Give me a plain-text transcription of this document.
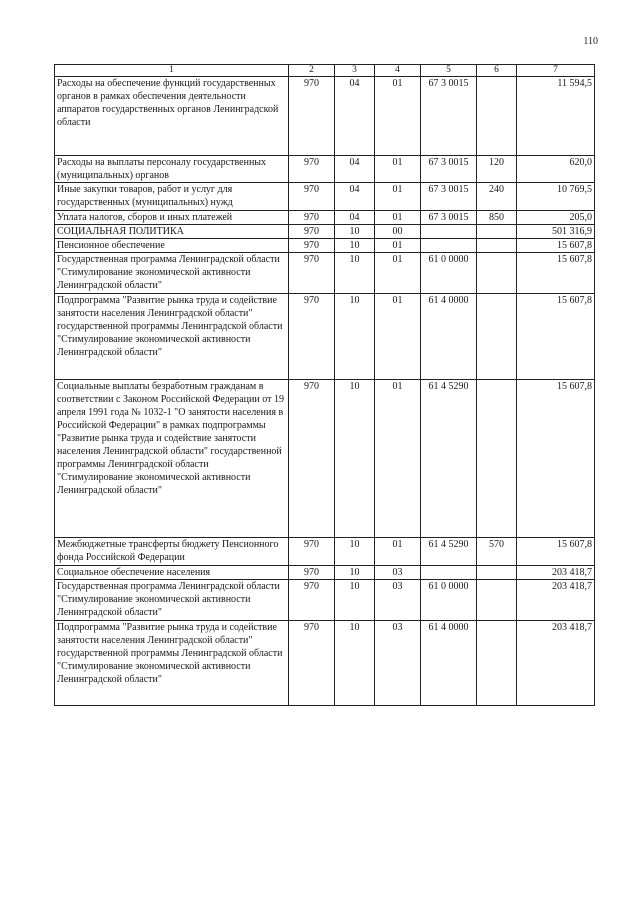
110
1	2	3	4	5	6	7
Расходы на обеспечение функций государственных органов в рамках обеспечения деятельности аппаратов государственных органов Ленинградской области	970	04	01	67 3 0015		11 594,5
Расходы на выплаты персоналу государственных (муниципальных) органов	970	04	01	67 3 0015	120	620,0
Иные закупки товаров, работ и услуг для государственных (муниципальных) нужд	970	04	01	67 3 0015	240	10 769,5
Уплата налогов, сборов и иных платежей	970	04	01	67 3 0015	850	205,0
СОЦИАЛЬНАЯ ПОЛИТИКА	970	10	00			501 316,9
Пенсионное обеспечение	970	10	01			15 607,8
Государственная программа Ленинградской области "Стимулирование экономической активности Ленинградской области"	970	10	01	61 0 0000		15 607,8
Подпрограмма "Развитие рынка труда и содействие занятости населения Ленинградской области" государственной программы Ленинградской области "Стимулирование экономической активности Ленинградской области"	970	10	01	61 4 0000		15 607,8
Социальные выплаты безработным гражданам в соответствии с Законом Российской Федерации от 19 апреля 1991 года № 1032-1 "О занятости населения в Российской Федерации" в рамках подпрограммы "Развитие рынка труда и содействие занятости населения Ленинградской области" государственной программы Ленинградской области "Стимулирование экономической активности Ленинградской области"	970	10	01	61 4 5290		15 607,8
Межбюджетные трансферты бюджету Пенсионного фонда Российской Федерации	970	10	01	61 4 5290	570	15 607,8
Социальное обеспечение населения	970	10	03			203 418,7
Государственная программа Ленинградской области "Стимулирование экономической активности Ленинградской области"	970	10	03	61 0 0000		203 418,7
Подпрограмма "Развитие рынка труда и содействие занятости населения Ленинградской области" государственной программы Ленинградской области "Стимулирование экономической активности Ленинградской области"	970	10	03	61 4 0000		203 418,7
